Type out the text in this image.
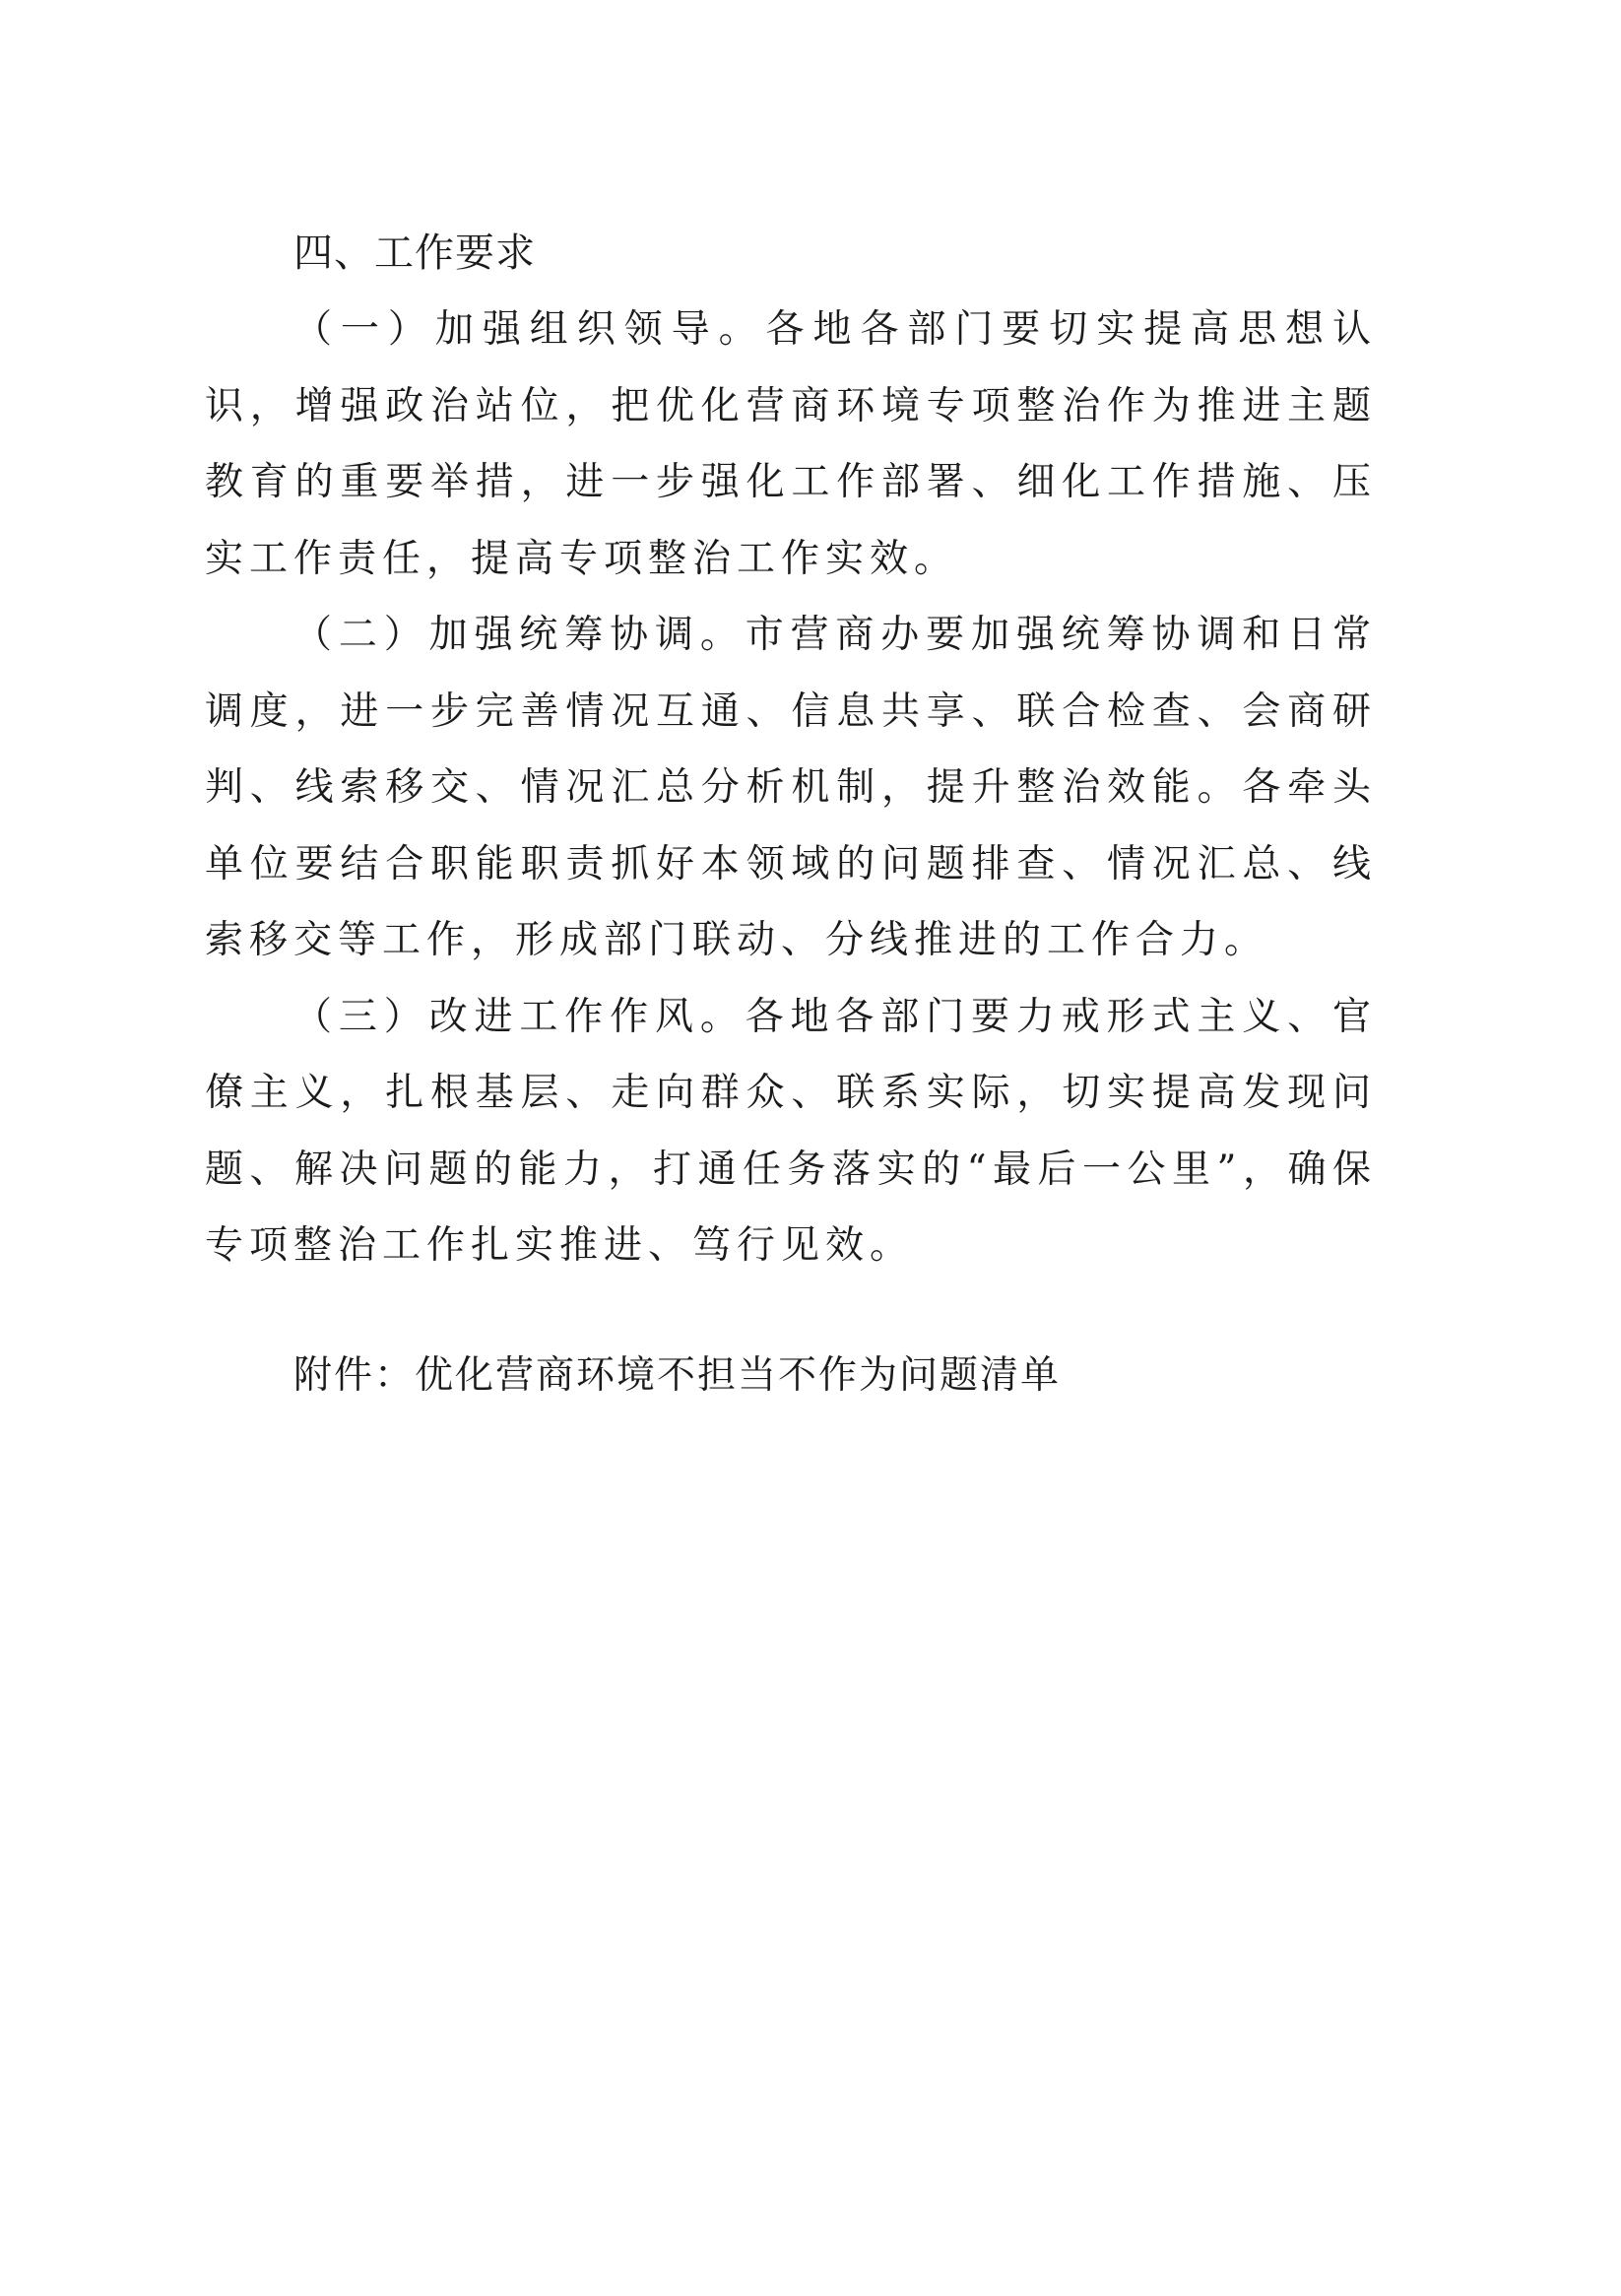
四、工作要求

（一）加强组织领导。各地各部门要切实提高思想认识，增强政治站位，把优化营商环境专项整治作为推进主题教育的重要举措，进一步强化工作部署、细化工作措施、压实工作责任，提高专项整治工作实效。

（二）加强统筹协调。市营商办要加强统筹协调和日常调度，进一步完善情况互通、信息共享、联合检查、会商研判、线索移交、情况汇总分析机制，提升整治效能。各牵头单位要结合职能职责抓好本领域的问题排查、情况汇总、线索移交等工作，形成部门联动、分线推进的工作合力。

（三）改进工作作风。各地各部门要力戒形式主义、官僚主义，扎根基层、走向群众、联系实际，切实提高发现问题、解决问题的能力，打通任务落实的“最后一公里”，确保专项整治工作扎实推进、笃行见效。

附件：优化营商环境不担当不作为问题清单
